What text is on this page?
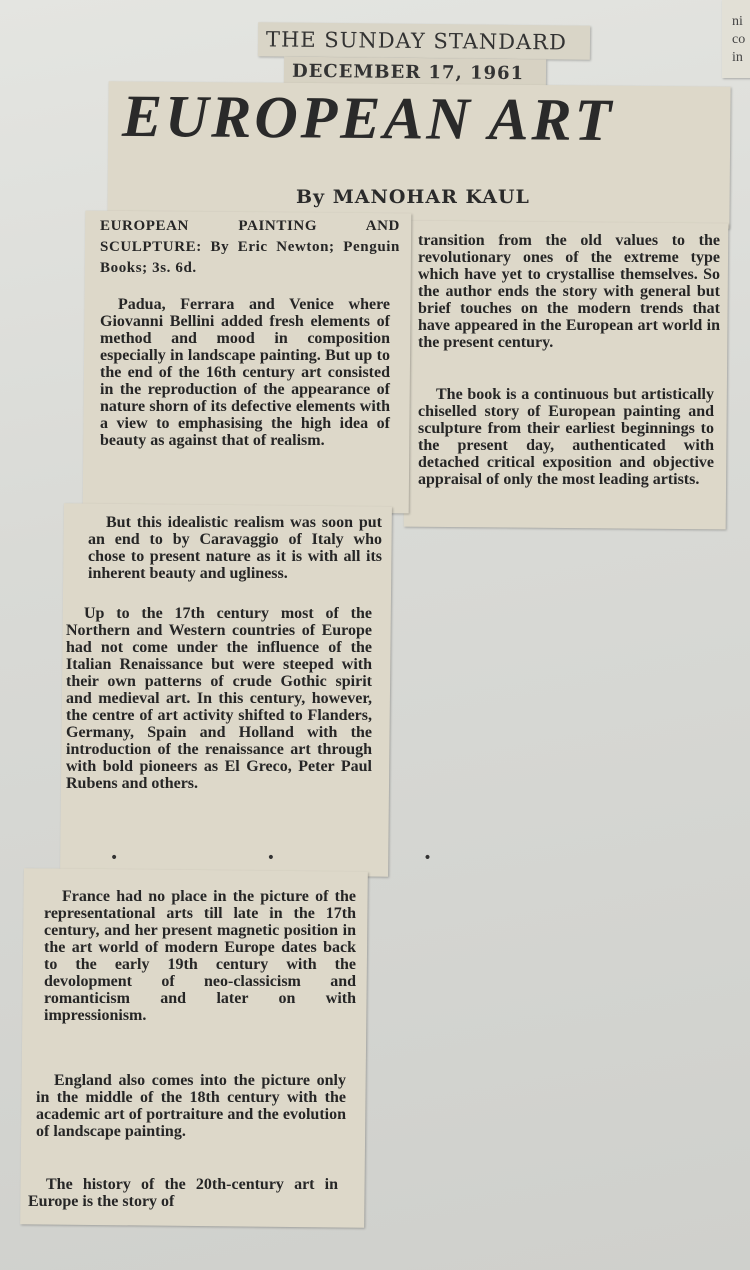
ni
co
in
THE SUNDAY STANDARD
DECEMBER 17, 1961
EUROPEAN ART
By MANOHAR KAUL

EUROPEAN PAINTING AND SCULPTURE: By Eric Newton; Penguin Books; 3s. 6d.

Padua, Ferrara and Venice where Giovanni Bellini added fresh elements of method and mood in composition especially in landscape painting. But up to the end of the 16th century art consisted in the reproduction of the appearance of nature shorn of its defective elements with a view to emphasising the high idea of beauty as against that of realism.

But this idealistic realism was soon put an end to by Caravaggio of Italy who chose to present nature as it is with all its inherent beauty and ugliness.

Up to the 17th century most of the Northern and Western countries of Europe had not come under the influence of the Italian Renaissance but were steeped with their own patterns of crude Gothic spirit and medieval art. In this century, however, the centre of art activity shifted to Flanders, Germany, Spain and Holland with the introduction of the renaissance art through with bold pioneers as El Greco, Peter Paul Rubens and others.

• • •

France had no place in the picture of the representational arts till late in the 17th century, and her present magnetic position in the art world of modern Europe dates back to the early 19th century with the devolopment of neo-classicism and romanticism and later on with impressionism.

England also comes into the picture only in the middle of the 18th century with the academic art of portraiture and the evolution of landscape painting.

The history of the 20th-century art in Europe is the story of

transition from the old values to the revolutionary ones of the extreme type which have yet to crystallise themselves. So the author ends the story with general but brief touches on the modern trends that have appeared in the European art world in the present century.

The book is a continuous but artistically chiselled story of European painting and sculpture from their earliest beginnings to the present day, authenticated with detached critical exposition and objective appraisal of only the most leading artists.
